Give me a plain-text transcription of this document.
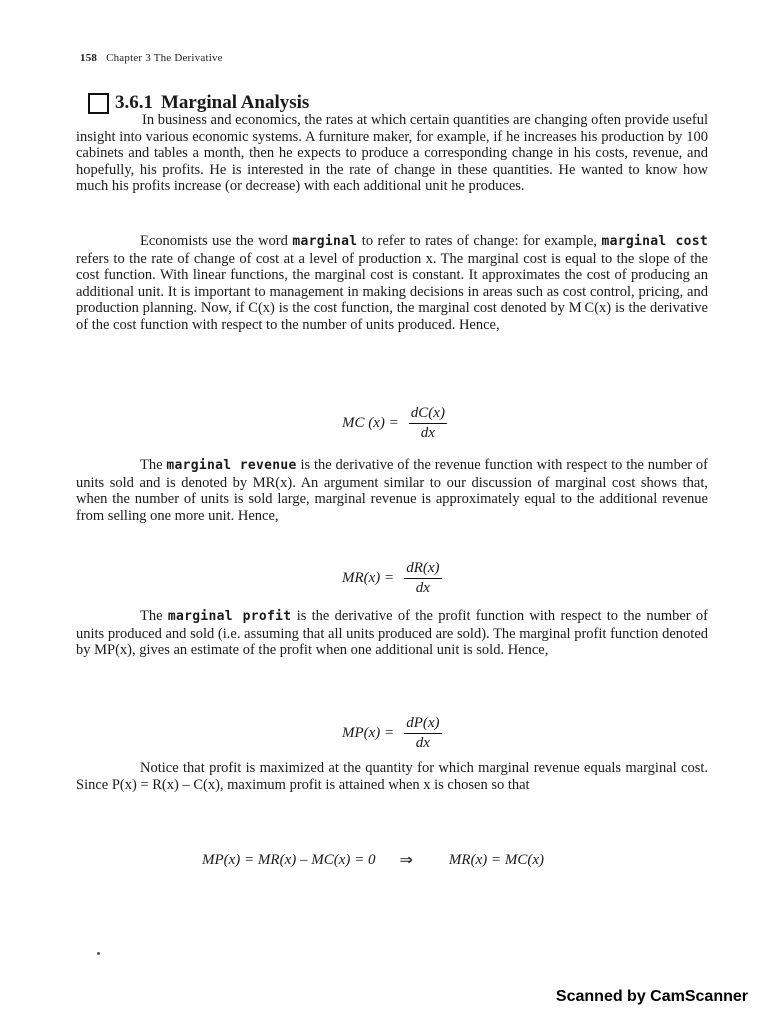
158 Chapter 3 The Derivative
3.6.1 Marginal Analysis

In business and economics, the rates at which certain quantities are changing often provide useful insight into various economic systems. A furniture maker, for example, if he increases his production by 100 cabinets and tables a month, then he expects to produce a corresponding change in his costs, revenue, and hopefully, his profits. He is interested in the rate of change in these quantities. He wanted to know how much his profits increase (or decrease) with each additional unit he produces.

Economists use the word marginal to refer to rates of change: for example, marginal cost refers to the rate of change of cost at a level of production x. The marginal cost is equal to the slope of the cost function. With linear functions, the marginal cost is constant. It approximates the cost of producing an additional unit. It is important to management in making decisions in areas such as cost control, pricing, and production planning. Now, if C(x) is the cost function, the marginal cost denoted by M C(x) is the derivative of the cost function with respect to the number of units produced. Hence,

MC $(x) = \frac{dC(x)}{dx}$

The marginal revenue is the derivative of the revenue function with respect to the number of units sold and is denoted by MR(x). An argument similar to our discussion of marginal cost shows that, when the number of units is sold large, marginal revenue is approximately equal to the additional revenue from selling one more unit. Hence,

$MR(x) = \frac{dR(x)}{dx}$

The marginal profit is the derivative of the profit function with respect to the number of units produced and sold (i.e. assuming that all units produced are sold). The marginal profit function denoted by MP(x), gives an estimate of the profit when one additional unit is sold. Hence,

$MP(x) = \frac{dP(x)}{dx}$

Notice that profit is maximized at the quantity for which marginal revenue equals marginal cost. Since P(x) = R(x) – C(x), maximum profit is attained when x is chosen so that

MP(x) = MR(x) – MC(x) = 0 ⇒ MR(x) = MC(x)
Scanned by CamScanner
